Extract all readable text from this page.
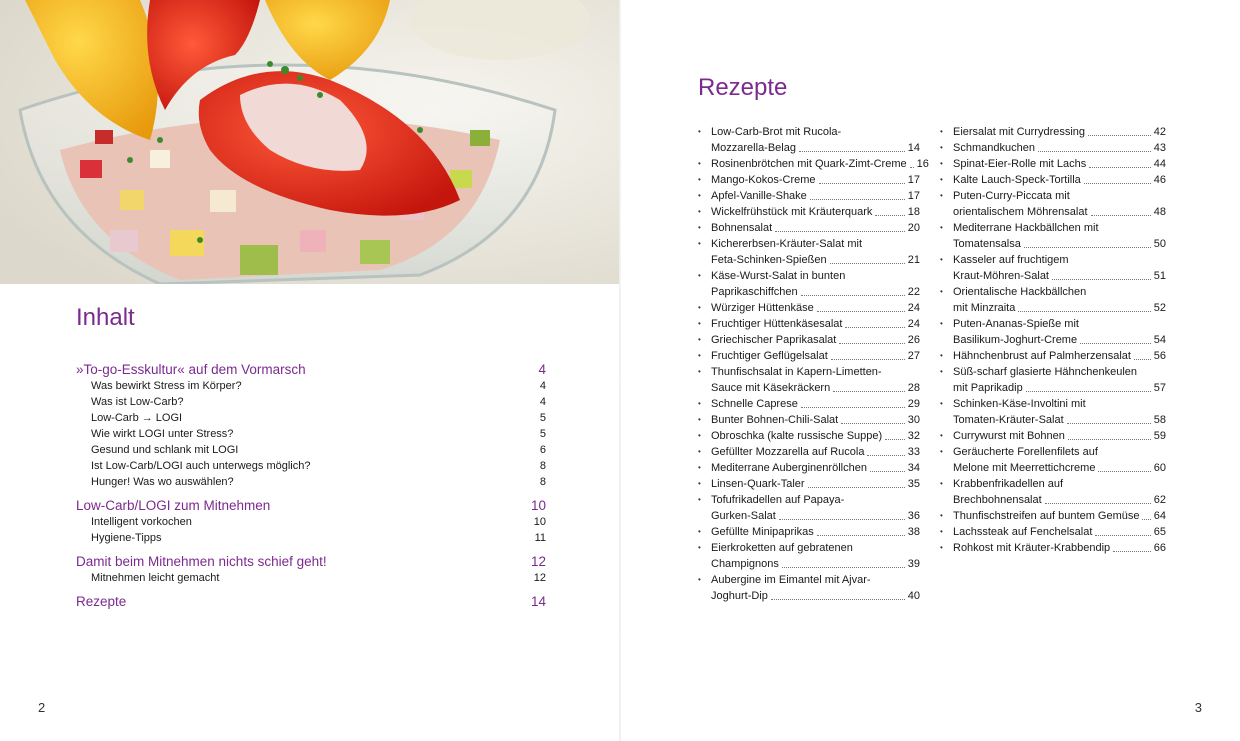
Inhalt
»To-go-Esskultur« auf dem Vormarsch	4
Was bewirkt Stress im Körper?	4
Was ist Low-Carb?	4
Low-Carb → LOGI	5
Wie wirkt LOGI unter Stress?	5
Gesund und schlank mit LOGI	6
Ist Low-Carb/LOGI auch unterwegs möglich?	8
Hunger! Was wo auswählen?	8
Low-Carb/LOGI zum Mitnehmen	10
Intelligent vorkochen	10
Hygiene-Tipps	11
Damit beim Mitnehmen nichts schief geht!	12
Mitnehmen leicht gemacht	12
Rezepte	14
2
Rezepte
• Low-Carb-Brot mit Rucola-
Mozzarella-Belag	14
• Rosinenbrötchen mit Quark-Zimt-Creme 16
• Mango-Kokos-Creme	17
• Apfel-Vanille-Shake	17
• Wickelfrühstück mit Kräuterquark	18
• Bohnensalat	20
• Kichererbsen-Kräuter-Salat mit
Feta-Schinken-Spießen	21
• Käse-Wurst-Salat in bunten
Paprikaschiffchen	22
• Würziger Hüttenkäse	24
• Fruchtiger Hüttenkäsesalat	24
• Griechischer Paprikasalat	26
• Fruchtiger Geflügelsalat	27
• Thunfischsalat in Kapern-Limetten-
Sauce mit Käsekräckern	28
• Schnelle Caprese	29
• Bunter Bohnen-Chili-Salat	30
• Obroschka (kalte russische Suppe) 32
• Gefüllter Mozzarella auf Rucola	33
• Mediterrane Auberginenröllchen	34
• Linsen-Quark-Taler	35
• Tofufrikadellen auf Papaya-
Gurken-Salat	36
• Gefüllte Minipaprikas	38
• Eierkroketten auf gebratenen
Champignons	39
• Aubergine im Eimantel mit Ajvar-
Joghurt-Dip	40
• Eiersalat mit Currydressing	42
• Schmandkuchen	43
• Spinat-Eier-Rolle mit Lachs	44
• Kalte Lauch-Speck-Tortilla	46
• Puten-Curry-Piccata mit
orientalischem Möhrensalat	48
• Mediterrane Hackbällchen mit
Tomatensalsa	50
• Kasseler auf fruchtigem
Kraut-Möhren-Salat	51
• Orientalische Hackbällchen
mit Minzraita	52
• Puten-Ananas-Spieße mit
Basilikum-Joghurt-Creme	54
• Hähnchenbrust auf Palmherzensalat 56
• Süß-scharf glasierte Hähnchenkeulen
mit Paprikadip	57
• Schinken-Käse-Involtini mit
Tomaten-Kräuter-Salat	58
• Currywurst mit Bohnen	59
• Geräucherte Forellenfilets auf
Melone mit Meerrettichcreme	60
• Krabbenfrikadellen auf
Brechbohnensalat	62
• Thunfischstreifen auf buntem Gemüse 64
• Lachssteak auf Fenchelsalat	65
• Rohkost mit Kräuter-Krabbendip	66
3
